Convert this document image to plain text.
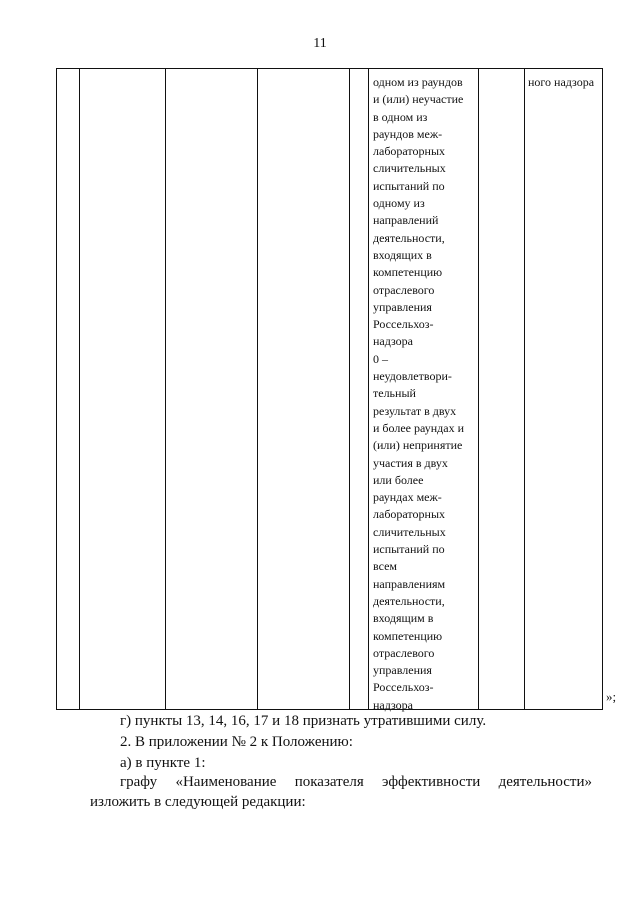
11
одном из раундов
и (или) неучастие
в одном из
раундов меж-
лабораторных
сличительных
испытаний по
одному из
направлений
деятельности,
входящих в
компетенцию
отраслевого
управления
Россельхоз-
надзора
0 –
неудовлетвори-
тельный
результат в двух
и более раундах и
(или) непринятие
участия в двух
или более
раундах меж-
лабораторных
сличительных
испытаний по
всем
направлениям
деятельности,
входящим в
компетенцию
отраслевого
управления
Россельхоз-
надзора
ного надзора
»;
г) пункты 13, 14, 16, 17 и 18 признать утратившими силу.
2. В приложении № 2 к Положению:
а) в пункте 1:
графу «Наименование показателя эффективности деятельности»
изложить в следующей редакции:
